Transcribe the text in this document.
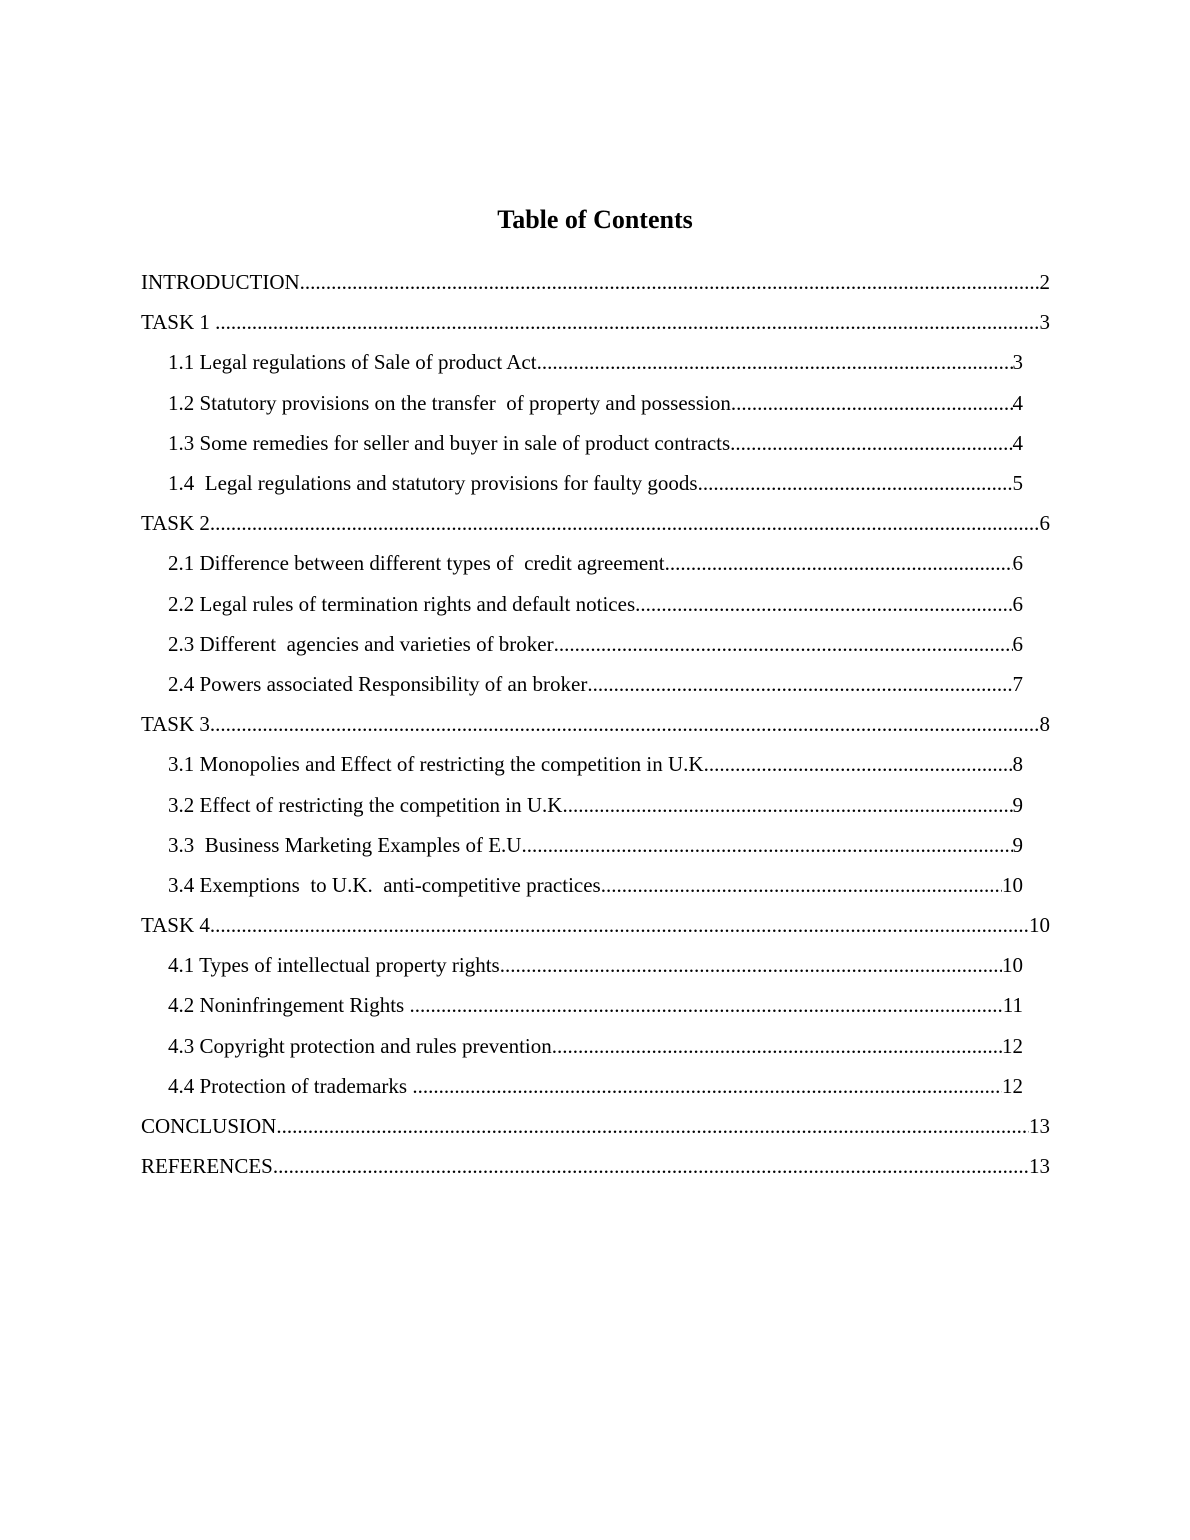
Table of Contents
INTRODUCTION .....	2
TASK 1 .....	3
1.1 Legal regulations of Sale of product Act .....	3
1.2 Statutory provisions on the transfer  of property and possession .....	4
1.3 Some remedies for seller and buyer in sale of product contracts .....	4
1.4  Legal regulations and statutory provisions for faulty goods .....	5
TASK 2 .....	6
2.1 Difference between different types of  credit agreement .....	6
2.2 Legal rules of termination rights and default notices .....	6
2.3 Different  agencies and varieties of broker .....	6
2.4 Powers associated Responsibility of an broker .....	7
TASK 3 .....	8
3.1 Monopolies and Effect of restricting the competition in U.K .....	8
3.2 Effect of restricting the competition in U.K .....	9
3.3  Business Marketing Examples of E.U .....	9
3.4 Exemptions  to U.K.  anti-competitive practices .....	10
TASK 4 .....	10
4.1 Types of intellectual property rights .....	10
4.2 Noninfringement Rights .....	11
4.3 Copyright protection and rules prevention .....	12
4.4 Protection of trademarks .....	12
CONCLUSION .....	13
REFERENCES .....	13
